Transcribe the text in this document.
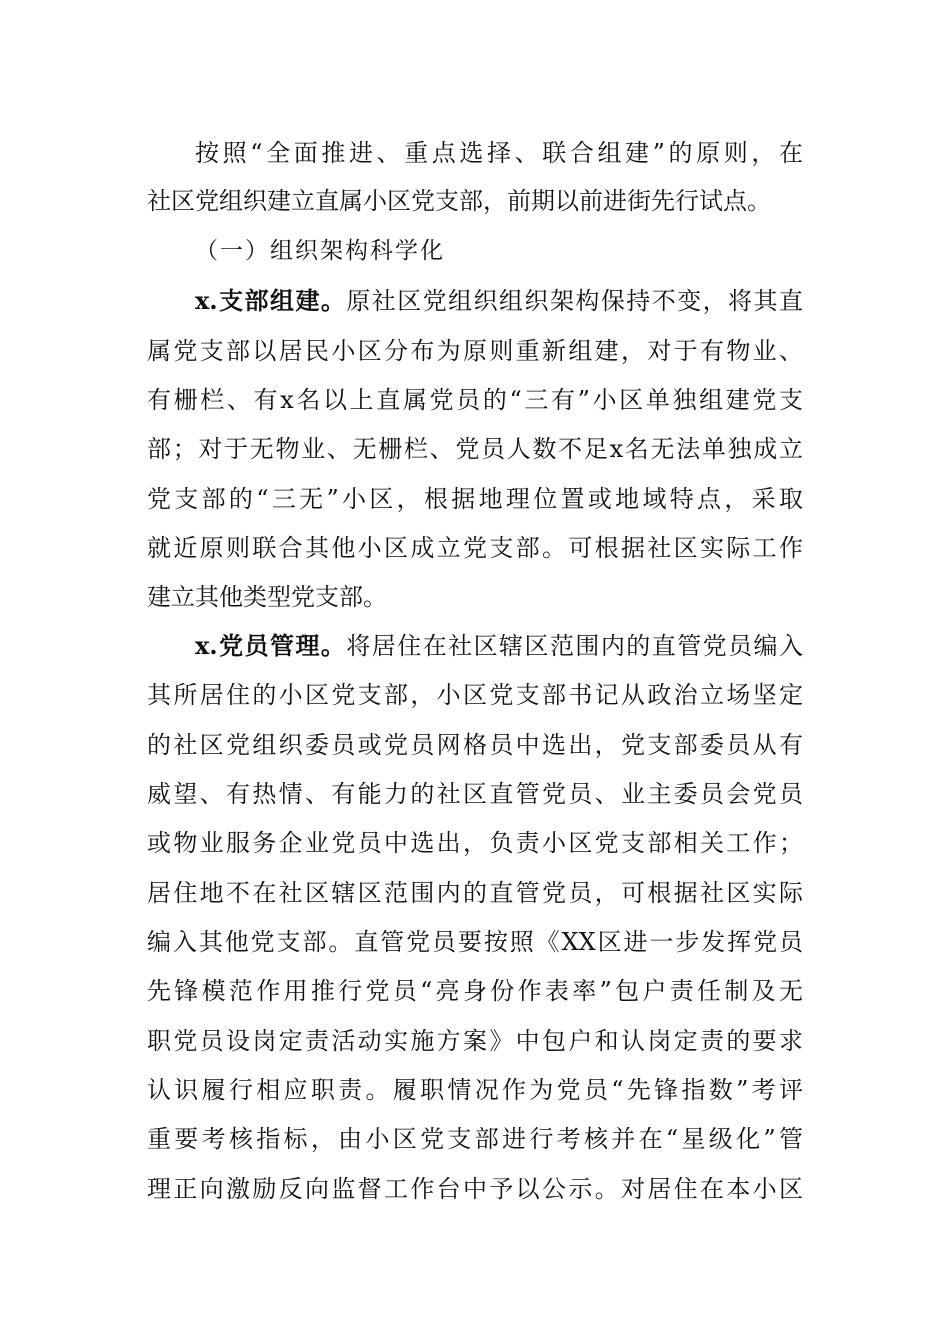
按照“全面推进、重点选择、联合组建”的原则，在
社区党组织建立直属小区党支部，前期以前进街先行试点。
（一）组织架构科学化
x.支部组建。原社区党组织组织架构保持不变，将其直
属党支部以居民小区分布为原则重新组建，对于有物业、
有栅栏、有x名以上直属党员的“三有”小区单独组建党支
部；对于无物业、无栅栏、党员人数不足x名无法单独成立
党支部的“三无”小区，根据地理位置或地域特点，采取
就近原则联合其他小区成立党支部。可根据社区实际工作
建立其他类型党支部。
x.党员管理。将居住在社区辖区范围内的直管党员编入
其所居住的小区党支部，小区党支部书记从政治立场坚定
的社区党组织委员或党员网格员中选出，党支部委员从有
威望、有热情、有能力的社区直管党员、业主委员会党员
或物业服务企业党员中选出，负责小区党支部相关工作；
居住地不在社区辖区范围内的直管党员，可根据社区实际
编入其他党支部。直管党员要按照《XX区进一步发挥党员
先锋模范作用推行党员“亮身份作表率”包户责任制及无
职党员设岗定责活动实施方案》中包户和认岗定责的要求
认识履行相应职责。履职情况作为党员“先锋指数”考评
重要考核指标，由小区党支部进行考核并在“星级化”管
理正向激励反向监督工作台中予以公示。对居住在本小区
